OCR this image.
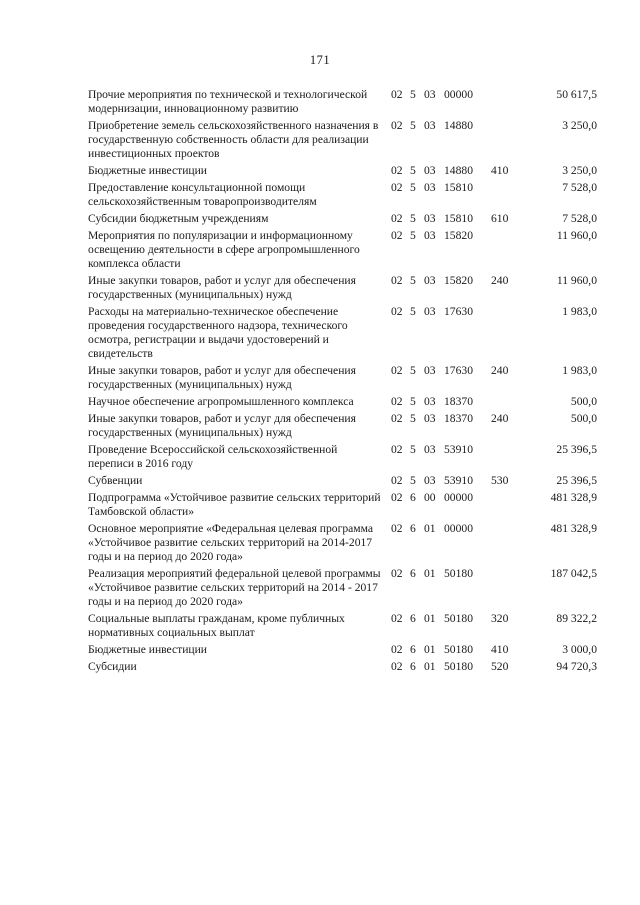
171
Прочие мероприятия по технической и технологической модернизации, инновационному развитию
02 5 03 00000	50 617,5
Приобретение земель сельскохозяйственного назначения в государственную собственность области для реализации инвестиционных проектов
02 5 03 14880	3 250,0
Бюджетные инвестиции	02 5 03 14880	410	3 250,0
Предоставление консультационной помощи сельскохозяйственным товаропроизводителям
02 5 03 15810	7 528,0
Субсидии бюджетным учреждениям	02 5 03 15810	610	7 528,0
Мероприятия по популяризации и информационному освещению деятельности в сфере агропромышленного комплекса области
02 5 03 15820	11 960,0
Иные закупки товаров, работ и услуг для обеспечения государственных (муниципальных) нужд
02 5 03 15820	240	11 960,0
Расходы на материально-техническое обеспечение проведения государственного надзора, технического осмотра, регистрации и выдачи удостоверений и свидетельств
02 5 03 17630	1 983,0
Иные закупки товаров, работ и услуг для обеспечения государственных (муниципальных) нужд
02 5 03 17630	240	1 983,0
Научное обеспечение агропромышленного комплекса	02 5 03 18370	500,0
Иные закупки товаров, работ и услуг для обеспечения государственных (муниципальных) нужд
02 5 03 18370	240	500,0
Проведение Всероссийской сельскохозяйственной переписи в 2016 году
02 5 03 53910	25 396,5
Субвенции	02 5 03 53910	530	25 396,5
Подпрограмма «Устойчивое развитие сельских территорий Тамбовской области»
02 6 00 00000	481 328,9
Основное мероприятие «Федеральная целевая программа «Устойчивое развитие сельских территорий на 2014-2017 годы и на период до 2020 года»
02 6 01 00000	481 328,9
Реализация мероприятий федеральной целевой программы «Устойчивое развитие сельских территорий на 2014 - 2017 годы и на период до 2020 года»
02 6 01 50180	187 042,5
Социальные выплаты гражданам, кроме публичных нормативных социальных выплат
02 6 01 50180	320	89 322,2
Бюджетные инвестиции	02 6 01 50180	410	3 000,0
Субсидии	02 6 01 50180	520	94 720,3
